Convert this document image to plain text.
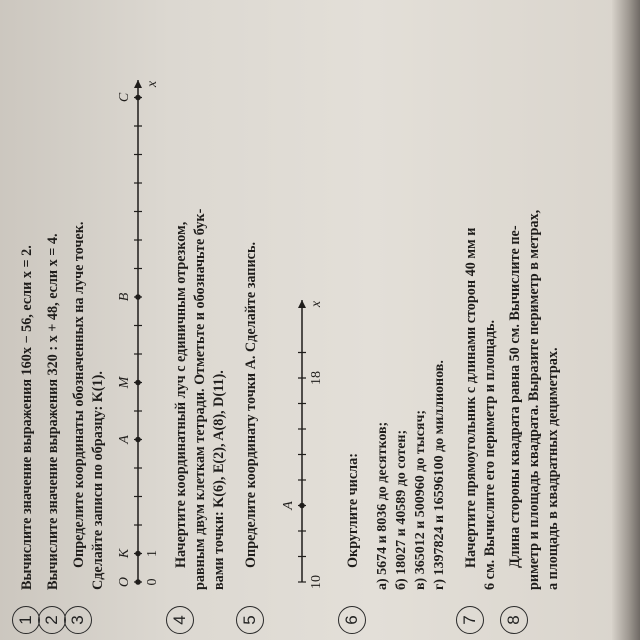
1
Вычислите значение выражения 160x − 56, если x = 2.
2
Вычислите значение выражения 320 : x + 48, если x = 4.
3
Определите координаты обозначенных на луче точек. Сделайте записи по образцу: K(1). O
K
A
M
B
C
0
1
x
4
Начертите координатный луч с единичным отрезком, равным двум клеткам тетради. Отметьте и обозначьте бук- вами точки: K(6), E(2), A(8), D(11).
5
Определите координату точки A. Сделайте запись. A
10
18
x
6
Округлите числа: а) 5674 и 8036 до десятков; б) 18027 и 40589 до сотен; в) 365012 и 500960 до тысяч; г) 1397824 и 16596100 до миллионов.
7
Начертите прямоугольник с длинами сторон 40 мм и 6 см. Вычислите его периметр и площадь.
8
Длина стороны квадрата равна 50 см. Вычислите пе- риметр и площадь квадрата. Выразите периметр в метрах, а площадь в квадратных дециметрах.
